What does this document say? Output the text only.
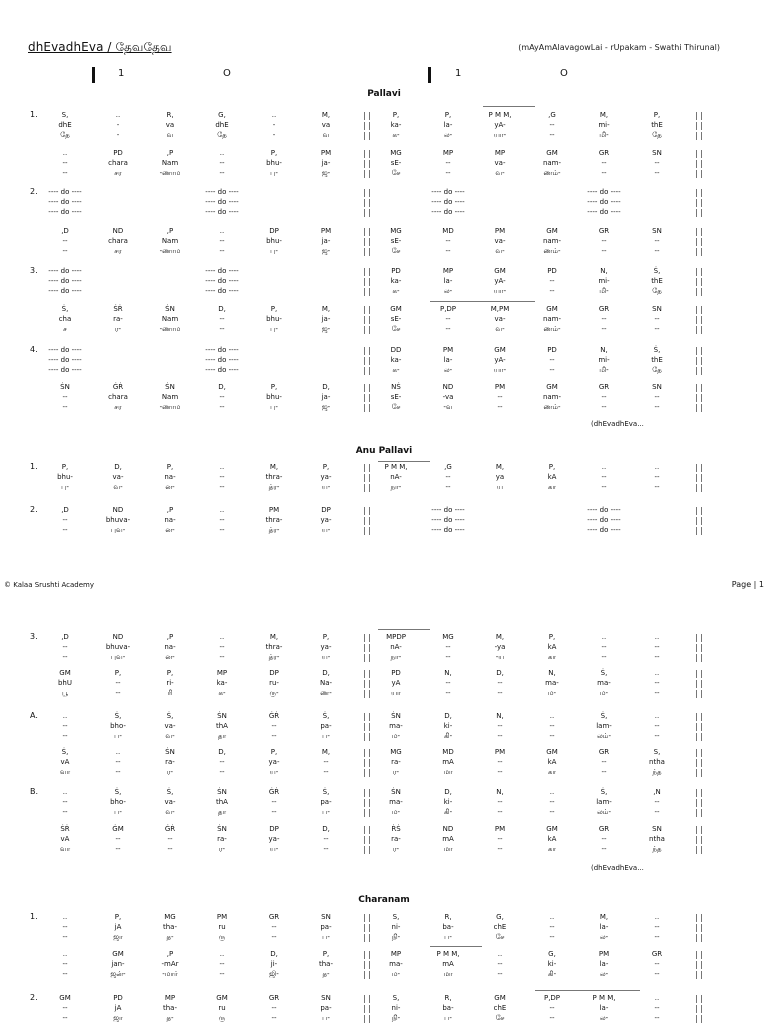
dhEvadhEva / தேவதேவ	(mAyAmAlavagowLai - rUpakam - Swathi Thirunal)
1	O	1	O
Pallavi
Anu Pallavi
Charanam
1.	S,	..	R,	G,	..	M,	P,	P,	P M M,	,G	M,	P,
| |	| |
dhE	-	va	dhE	-	va	ka-	la-	yA-	--	mi-	thE
| |	| |
தே	-	வ	தே	-	வ	க-	ல-	யா-	--	மி-	தே
| |	| |
..	PD	,P	..	P,	PM	MG	MP	MP	GM	GR	SN
| |	| |
--	chara	Nam	--	bhu-	ja-	sE-	--	va-	nam-	--	--
| |	| |
--	சர	-ணாம	--	பு-	ஜ-	சே	--	வ-	ணம்-	--	--
| |	| |
2.	---- do ----	---- do ----	---- do ----	---- do ----
| |	| |
---- do ----	---- do ----	---- do ----	---- do ----
| |	| |
---- do ----	---- do ----	---- do ----	---- do ----
| |	| |
,D	ND	,P	..	DP	PM	MG	MD	PM	GM	GR	SN
| |	| |
--	chara	Nam	--	bhu-	ja-	sE-	--	va-	nam-	--	--
| |	| |
--	சர	-ணாம	--	பு-	ஜ-	சே	--	வ-	ணம்-	--	--
| |	| |
3.	---- do ----	---- do ----	PD	MP	GM	PD	N,	Ṡ,
| |	| |
---- do ----	---- do ----	ka-	la-	yA-	--	mi-	thE
| |	| |
---- do ----	---- do ----	க-	ல-	யா-	--	மி-	தே
| |	| |
Ṡ,	ṠṘ	ṠN	D,	P,	M,	GM	P,DP	M,PM	GM	GR	SN
| |	| |
cha	ra-	Nam	--	bhu-	ja-	sE-	--	va-	nam-	--	--
| |	| |
ச	ர-	-ணாம	--	பு-	ஜ-	சே	--	வ-	ணம்-	--	--
| |	| |
4.	---- do ----	---- do ----	DD	PM	GM	PD	N,	Ṡ,
| |	| |
---- do ----	---- do ----	ka-	la-	yA-	--	mi-	thE
| |	| |
---- do ----	---- do ----	க-	ல-	யா-	--	மி-	தே
| |	| |
ṠN	ĠṘ	ṠN	D,	P,	D,	NṠ	ND	PM	GM	GR	SN
| |	| |
--	chara	Nam	--	bhu-	ja-	sE-	-va	--	nam-	--	--
| |	| |
--	சர	-ணாம	--	பு-	ஜ-	சே	-வ	--	ணம்-	--	--
| |	| |
1.	P,	D,	P,	..	M,	P,	P M M,	,G	M,	P,	..	..
| |	| |
bhu-	va-	na-	--	thra-	ya-	nA-	--	ya	kA	--	--
| |	| |
பு-	வ-	ன-	--	த்ர-	ய-	நா-	--	ய	கா	--	--
| |	| |
2.	,D	ND	,P	..	PM	DP	---- do ----	---- do ----
| |	| |
--	bhuva-	na-	--	thra-	ya-	---- do ----	---- do ----
| |	| |
--	புவ-	ன-	--	த்ர-	ய-	---- do ----	---- do ----
| |	| |
3.	,D	ND	,P	..	M,	P,	MPDP	MG	M,	P,	..	..
| |	| |
--	bhuva-	na-	--	thra-	ya-	nA-	--	-ya	kA	--	--
| |	| |
--	புவ-	ன-	--	த்ர-	ய-	நா-	--	-ய	கா	--	--
| |	| |
GM	P,	P,	MP	DP	D,	PD	N,	D,	N,	Ṡ,	..
| |	| |
bhU	--	ri-	ka-	ru-	Na-	yA	--	--	ma-	ma-	--
| |	| |
பூ	--	ரி	க-	ரு-	ண-	யா	--	--	ம-	ம-	--
| |	| |
A.	..	Ṡ,	Ṡ,	ṠN	ĠṘ	Ṡ,	ṠN	D,	N,	..	Ṡ,	..
| |	| |
--	bho-	va-	thA	--	pa-	ma-	ki-	--	--	lam-	--
| |	| |
--	ப-	வ-	தா	--	ப-	ம-	கி-	--	--	லம்-	--
| |	| |
Ṡ,	..	ṠN	D,	P,	M,	MG	MD	PM	GM	GR	S,
| |	| |
vA	--	ra-	--	ya-	--	ra-	mA	--	kA	--	ntha
| |	| |
வா	--	ர-	--	ய-	--	ர-	மா	--	கா	--	ந்த
| |	| |
B.	..	Ṡ,	Ṡ,	ṠN	ĠṘ	Ṡ,	ṠN	D,	N,	..	Ṡ,	,N
| |	| |
--	bho-	va-	thA	--	pa-	ma-	ki-	--	--	lam-	--
| |	| |
--	ப-	வ-	தா	--	ப-	ம-	கி-	--	--	லம்-	--
| |	| |
ṠṘ	ĠM	ĠṘ	ṠN	DP	D,	ṘṠ	ND	PM	GM	GR	SN
| |	| |
vA	--	--	ra-	ya-	--	ra-	mA	--	kA	--	ntha
| |	| |
வா	--	--	ர-	ய-	--	ர-	மா	--	கா	--	ந்த
| |	| |
1.	..	P,	MG	PM	GR	SN	S,	R,	G,	..	M,	..
| |	| |
--	jA	tha-	ru	--	pa-	ni-	ba-	chE	--	la-	--
| |	| |
--	ஜா	த-	ரு	--	ப-	நி-	ப-	சே	--	ல-	--
| |	| |
..	GM	,P	..	D,	P,	MP	P M M,	..	G,	PM	GR
| |	| |
--	jan-	-mAr	--	ji-	tha-	ma-	mA	--	ki-	la-	--
| |	| |
--	ஜன்-	-மார்	--	ஜி-	த-	ம-	மா	--	கி-	ல-	--
| |	| |
2.	GM	PD	MP	GM	GR	SN	S,	R,	GM	P,DP	P M M,	..
| |	| |
--	jA	tha-	ru	--	pa-	ni-	ba-	chE	--	la-	--
| |	| |
--	ஜா	த-	ரு	--	ப-	நி-	ப-	சே	--	ல-	--
| |	| |
(dhEvadhEva...
(dhEvadhEva...
© Kalaa Srushti Academy	Page | 1
